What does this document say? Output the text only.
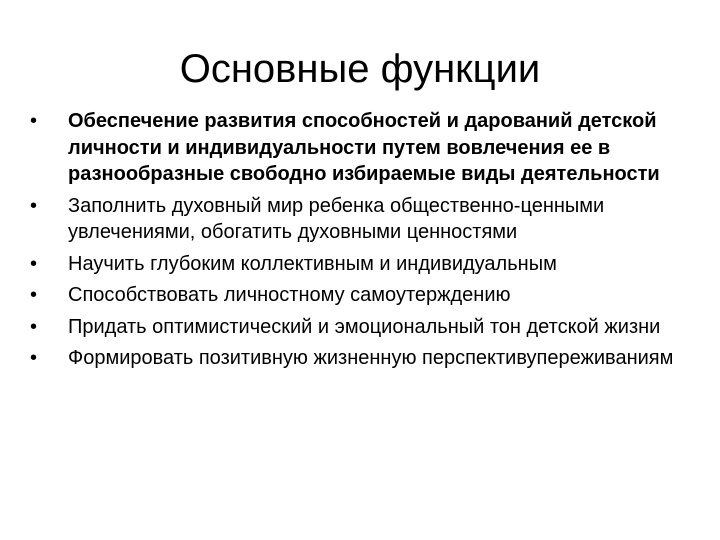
Основные функции
•	Обеспечение развития способностей и дарований детской личности и индивидуальности путем вовлечения ее в разнообразные свободно избираемые виды деятельности
•	Заполнить духовный мир ребенка общественно-ценными увлечениями, обогатить духовными ценностями
•	Научить глубоким коллективным и индивидуальным
•	Способствовать личностному самоутерждению
•	Придать оптимистический и эмоциональный тон детской жизни
•	Формировать позитивную жизненную перспективупереживаниям
